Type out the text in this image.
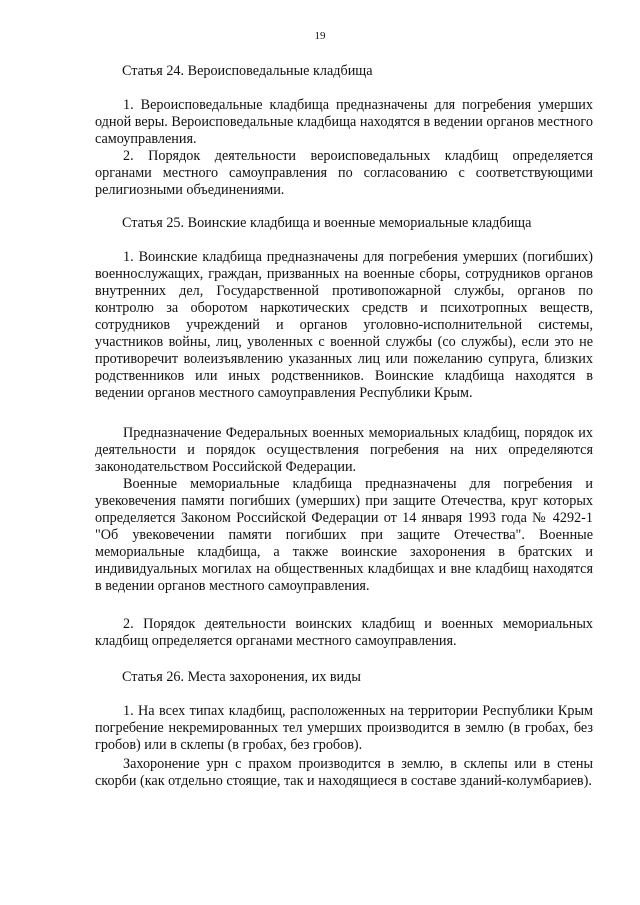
19
Статья 24. Вероисповедальные кладбища

1. Вероисповедальные кладбища предназначены для погребения умерших одной веры. Вероисповедальные кладбища находятся в ведении органов местного самоуправления.

2. Порядок деятельности вероисповедальных кладбищ определяется органами местного самоуправления по согласованию с соответствующими религиозными объединениями.

Статья 25. Воинские кладбища и военные мемориальные кладбища

1. Воинские кладбища предназначены для погребения умерших (погибших) военнослужащих, граждан, призванных на военные сборы, сотрудников органов внутренних дел, Государственной противопожарной службы, органов по контролю за оборотом наркотических средств и психотропных веществ, сотрудников учреждений и органов уголовно-исполнительной системы, участников войны, лиц, уволенных с военной службы (со службы), если это не противоречит волеизъявлению указанных лиц или пожеланию супруга, близких родственников или иных родственников. Воинские кладбища находятся в ведении органов местного самоуправления Республики Крым.

Предназначение Федеральных военных мемориальных кладбищ, порядок их деятельности и порядок осуществления погребения на них определяются законодательством Российской Федерации.

Военные мемориальные кладбища предназначены для погребения и увековечения памяти погибших (умерших) при защите Отечества, круг которых определяется Законом Российской Федерации от 14 января 1993 года № 4292-1 "Об увековечении памяти погибших при защите Отечества". Военные мемориальные кладбища, а также воинские захоронения в братских и индивидуальных могилах на общественных кладбищах и вне кладбищ находятся в ведении органов местного самоуправления.

2. Порядок деятельности воинских кладбищ и военных мемориальных кладбищ определяется органами местного самоуправления.

Статья 26. Места захоронения, их виды

1. На всех типах кладбищ, расположенных на территории Республики Крым погребение некремированных тел умерших производится в землю (в гробах, без гробов) или в склепы (в гробах, без гробов).

Захоронение урн с прахом производится в землю, в склепы или в стены скорби (как отдельно стоящие, так и находящиеся в составе зданий-колумбариев).
